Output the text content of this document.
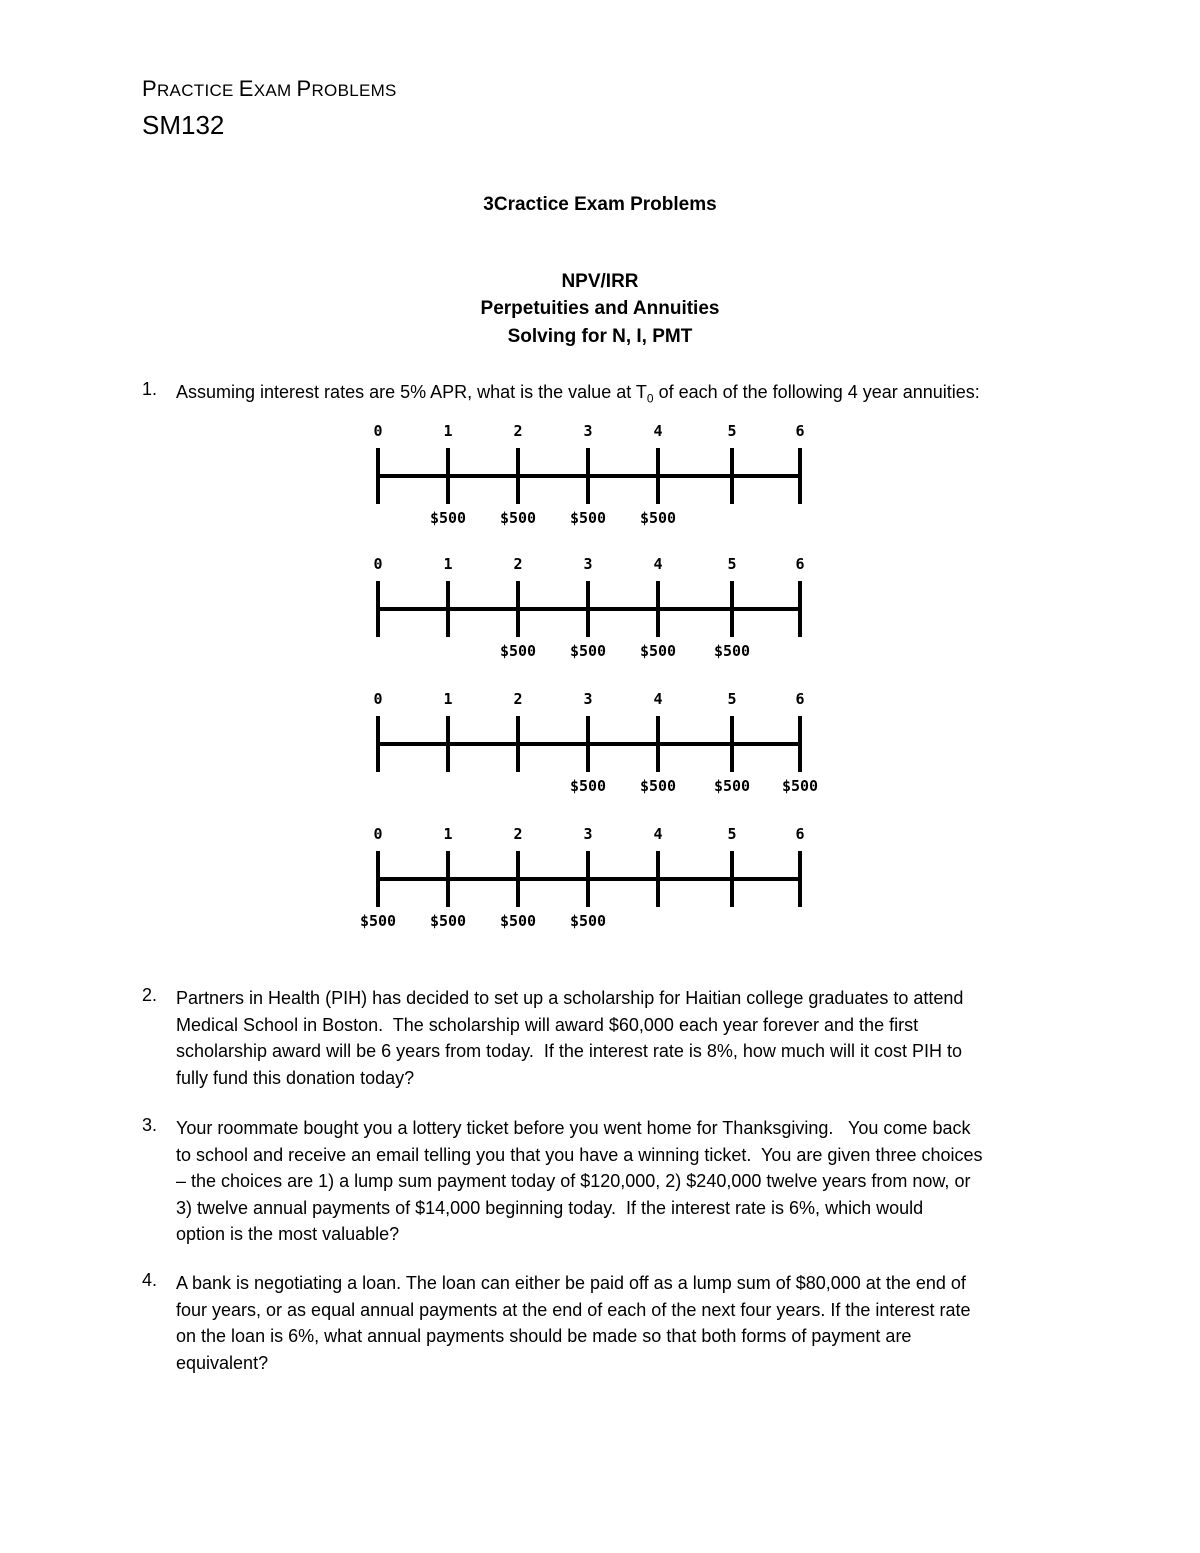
PRACTICE EXAM PROBLEMS
SM132
3Cractice Exam Problems
NPV/IRR
Perpetuities and Annuities
Solving for N, I, PMT
1. Assuming interest rates are 5% APR, what is the value at $T_0$ of each of the following 4 year annuities:
0	1	2	3	4	5	6
$500 $500 $500 $500
0	1	2	3	4	5	6
$500 $500 $500	$500
0	1	2	3	4	5	6
$500 $500	$500 $500
0	1	2	3	4	5	6
$500 $500 $500 $500
2. Partners in Health (PIH) has decided to set up a scholarship for Haitian college graduates to attend
Medical School in Boston.  The scholarship will award $60,000 each year forever and the first
scholarship award will be 6 years from today.  If the interest rate is 8%, how much will it cost PIH to
fully fund this donation today?
3. Your roommate bought you a lottery ticket before you went home for Thanksgiving.   You come back
to school and receive an email telling you that you have a winning ticket.  You are given three choices
– the choices are 1) a lump sum payment today of $120,000, 2) $240,000 twelve years from now, or
3) twelve annual payments of $14,000 beginning today.  If the interest rate is 6%, which would
option is the most valuable?
4. A bank is negotiating a loan. The loan can either be paid off as a lump sum of $80,000 at the end of
four years, or as equal annual payments at the end of each of the next four years. If the interest rate
on the loan is 6%, what annual payments should be made so that both forms of payment are
equivalent?
